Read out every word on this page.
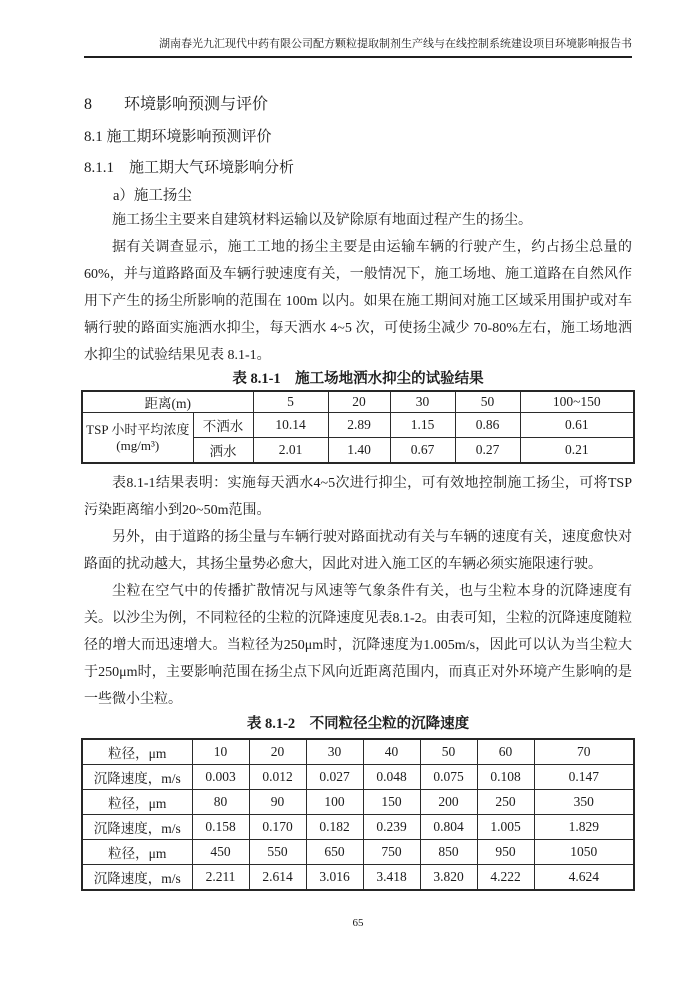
湖南春光九汇现代中药有限公司配方颗粒提取制剂生产线与在线控制系统建设项目环境影响报告书
8　　环境影响预测与评价
8.1 施工期环境影响预测评价
8.1.1　施工期大气环境影响分析
a）施工扬尘

施工扬尘主要来自建筑材料运输以及铲除原有地面过程产生的扬尘。

据有关调查显示，施工工地的扬尘主要是由运输车辆的行驶产生，约占扬尘总量的60%，并与道路路面及车辆行驶速度有关，一般情况下，施工场地、施工道路在自然风作用下产生的扬尘所影响的范围在 100m 以内。如果在施工期间对施工区域采用围护或对车辆行驶的路面实施洒水抑尘，每天洒水 4~5 次，可使扬尘减少 70-80%左右，施工场地洒水抑尘的试验结果见表 8.1-1。

表 8.1-1　施工场地洒水抑尘的试验结果
距离(m)		5	20	30	50	100~150
TSP 小时平均浓度
(mg/m³)	不洒水	10.14	2.89	1.15	0.86	0.61
	洒水	2.01	1.40	0.67	0.27	0.21

表8.1-1结果表明：实施每天洒水4~5次进行抑尘，可有效地控制施工扬尘，可将TSP污染距离缩小到20~50m范围。

另外，由于道路的扬尘量与车辆行驶对路面扰动有关与车辆的速度有关，速度愈快对路面的扰动越大，其扬尘量势必愈大，因此对进入施工区的车辆必须实施限速行驶。

尘粒在空气中的传播扩散情况与风速等气象条件有关，也与尘粒本身的沉降速度有关。以沙尘为例，不同粒径的尘粒的沉降速度见表8.1-2。由表可知，尘粒的沉降速度随粒径的增大而迅速增大。当粒径为250μm时，沉降速度为1.005m/s，因此可以认为当尘粒大于250μm时，主要影响范围在扬尘点下风向近距离范围内，而真正对外环境产生影响的是一些微小尘粒。

表 8.1-2　不同粒径尘粒的沉降速度
粒径，μm	10	20	30	40	50	60	70
沉降速度，m/s	0.003	0.012	0.027	0.048	0.075	0.108	0.147
粒径，μm	80	90	100	150	200	250	350
沉降速度，m/s	0.158	0.170	0.182	0.239	0.804	1.005	1.829
粒径，μm	450	550	650	750	850	950	1050
沉降速度，m/s	2.211	2.614	3.016	3.418	3.820	4.222	4.624
65
